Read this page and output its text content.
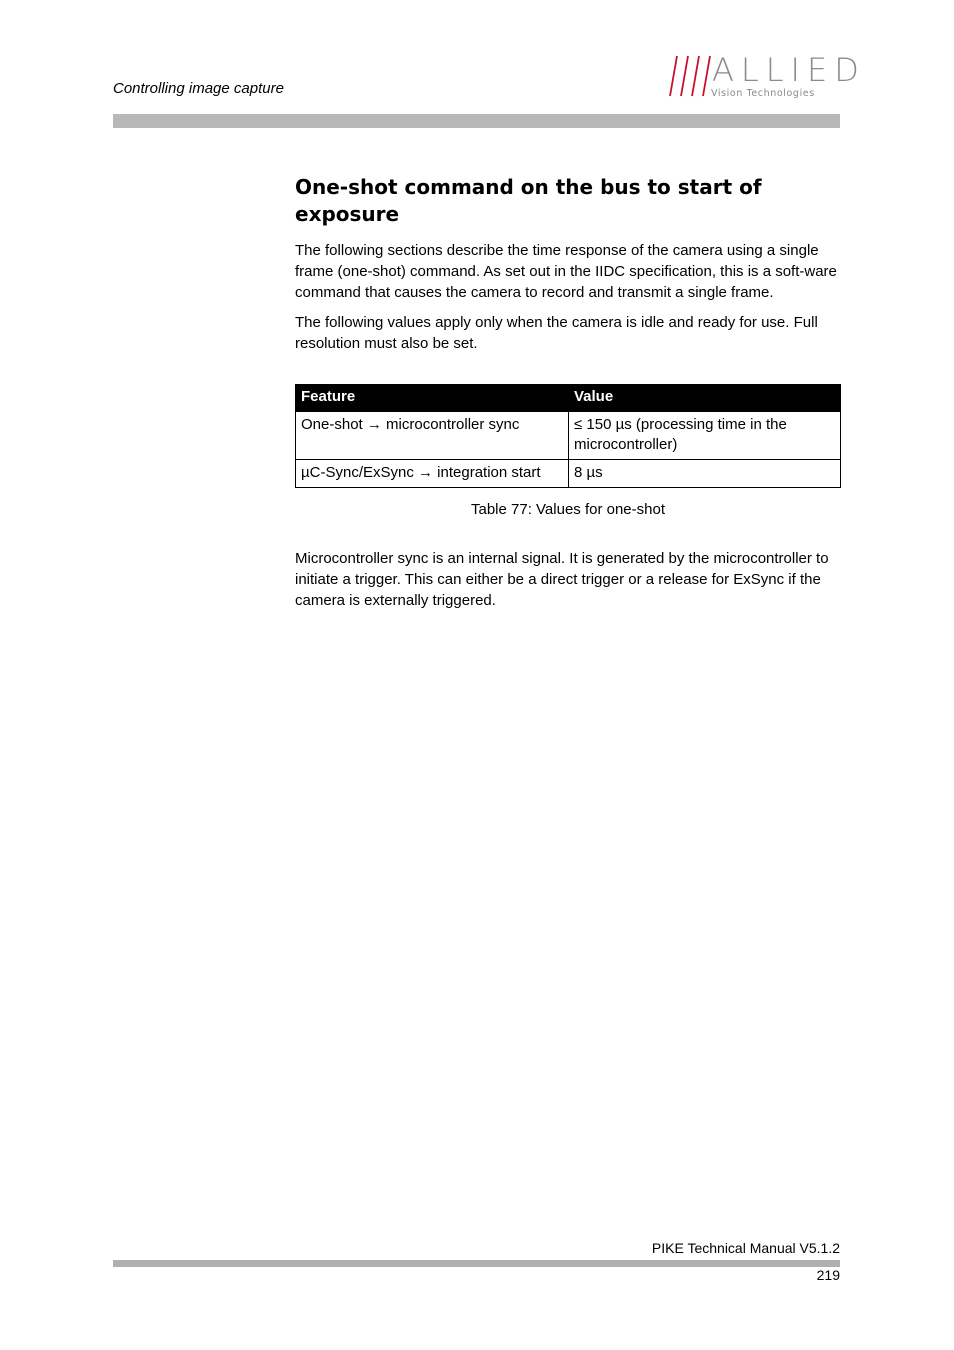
Controlling image capture	ALLIED
Vision Technologies
One-shot command on the bus to start of exposure

The following sections describe the time response of the camera using a single frame (one-shot) command. As set out in the IIDC specification, this is a soft-ware command that causes the camera to record and transmit a single frame.

The following values apply only when the camera is idle and ready for use. Full resolution must also be set.

Feature	Value
One-shot → microcontroller sync	≤ 150 µs (processing time in the microcontroller)
µC-Sync/ExSync → integration start	8 µs
Table 77: Values for one-shot

Microcontroller sync is an internal signal. It is generated by the microcontroller to initiate a trigger. This can either be a direct trigger or a release for ExSync if the camera is externally triggered.

PIKE Technical Manual V5.1.2
219
